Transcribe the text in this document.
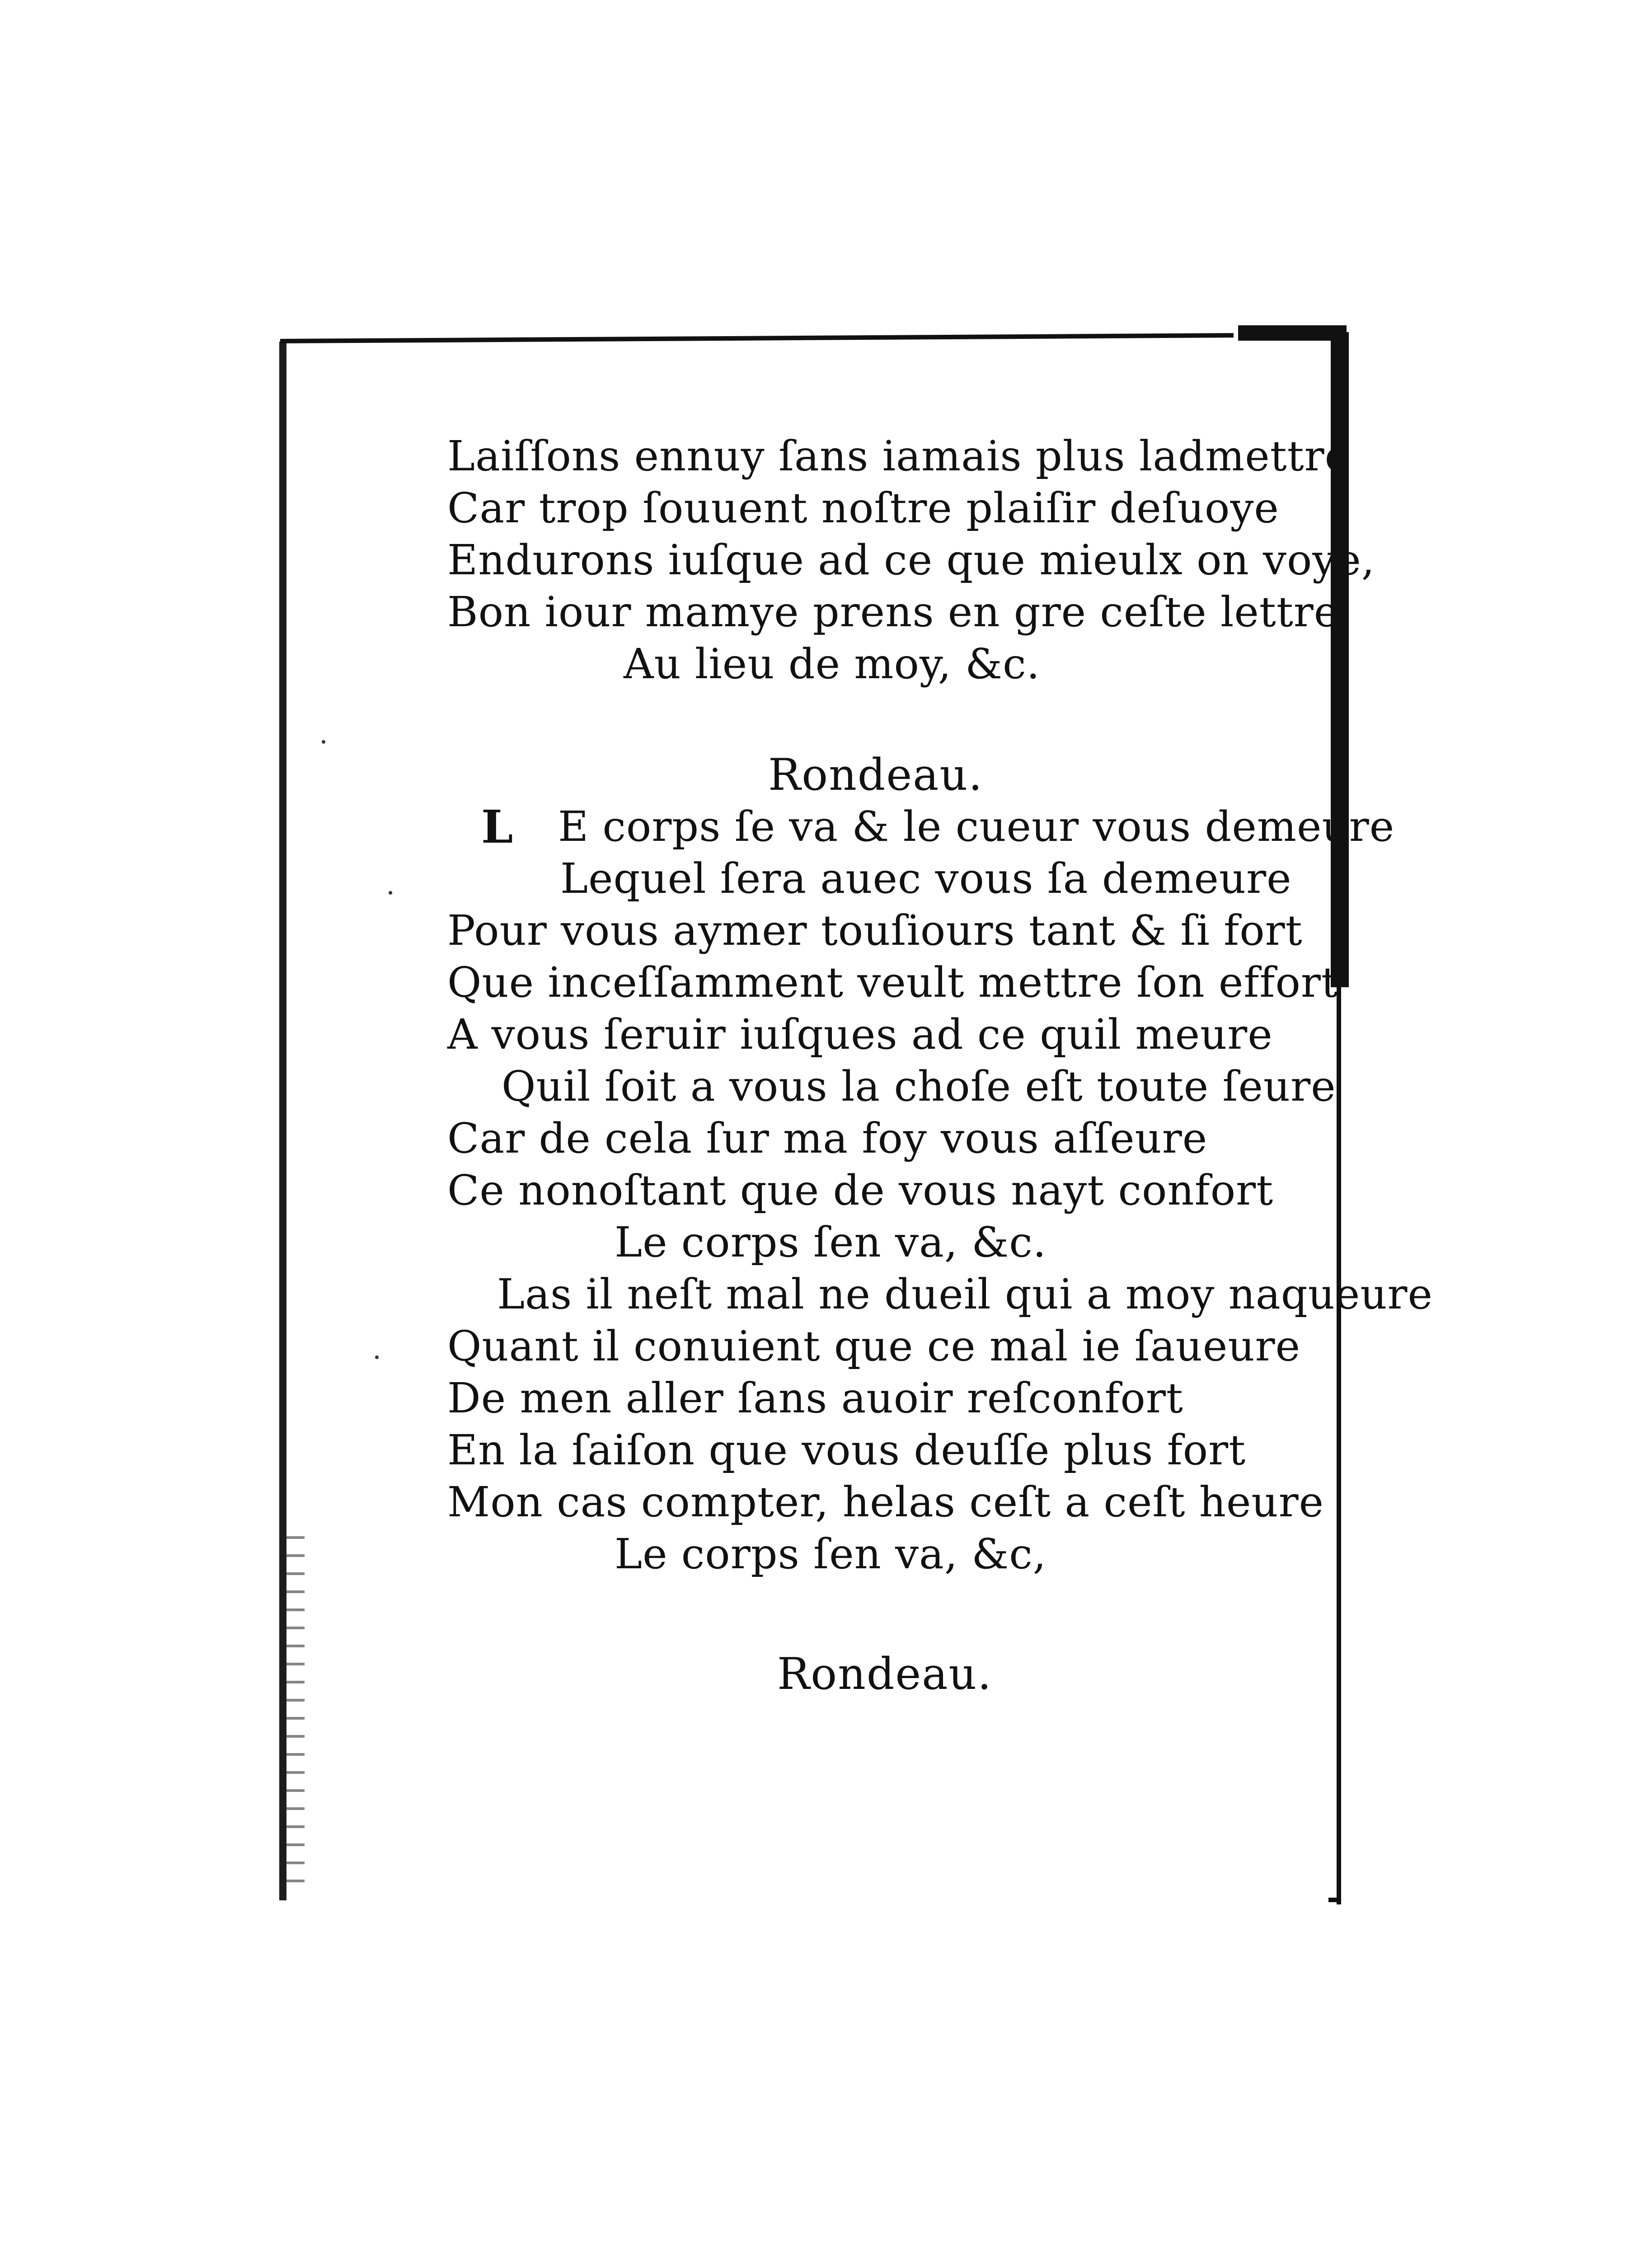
Laiſſons ennuy ſans iamais plus ladmettre
Car trop ſouuent noſtre plaiſir deſuoye
Endurons iuſque ad ce que mieulx on voye,
Bon iour mamye prens en gre ceſte lettre
Au lieu de moy, &c.
Rondeau.
L E corps ſe va & le cueur vous demeure
Lequel ſera auec vous ſa demeure
Pour vous aymer touſiours tant & ſi fort
Que inceſſamment veult mettre ſon effort
A vous ſeruir iuſques ad ce quil meure
Quil ſoit a vous la choſe eſt toute ſeure
Car de cela ſur ma foy vous aſſeure
Ce nonoſtant que de vous nayt confort
Le corps ſen va, &c.
Las il neſt mal ne dueil qui a moy naqueure
Quant il conuient que ce mal ie ſaueure
De men aller ſans auoir reſconfort
En la ſaiſon que vous deuſſe plus fort
Mon cas compter, helas ceſt a ceſt heure
Le corps ſen va, &c,
Rondeau.
